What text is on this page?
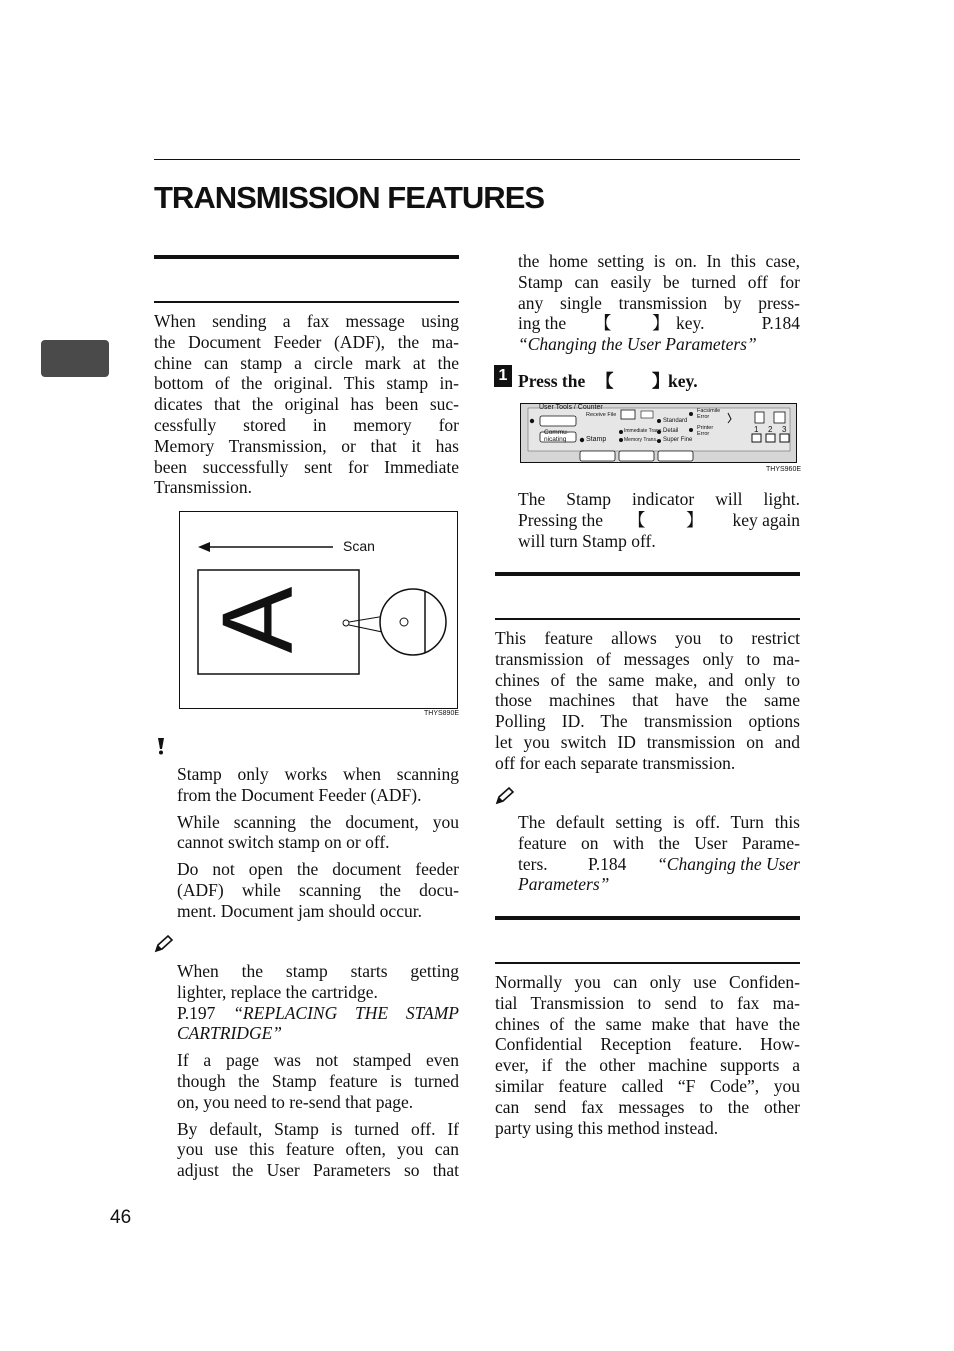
TRANSMISSION FEATURES
When sending a fax message using
the Document Feeder (ADF), the ma-
chine can stamp a circle mark at the
bottom of the original. This stamp in-
dicates that the original has been suc-
cessfully stored in memory for
Memory Transmission, or that it has
been successfully sent for Immediate
Transmission.
Scan
A
THYS890E
Stamp only works when scanning
from the Document Feeder (ADF).
While scanning the document, you
cannot switch stamp on or off.
Do not open the document feeder
(ADF) while scanning the docu-
ment. Document jam should occur.
When the stamp starts getting
lighter, replace the cartridge.
P.197 “REPLACING THE STAMP
CARTRIDGE”
If a page was not stamped even
though the Stamp feature is turned
on, you need to re-send that page.
By default, Stamp is turned off. If
you use this feature often, you can
adjust the User Parameters so that
the home setting is on. In this case,
Stamp can easily be turned off for
any single transmission by press-
ing the 【 】 key.	P.184
“Changing the User Parameters”
1 Press the 【 】
key.
User Tools / Counter
Receive File
Commu-
nicating	Stamp
Immediate Trans.
Memory Trans.
Standard
Detail
Super Fine
Facsimile
Error
Printer
Error	1 2 3
THYS960E
The Stamp indicator will light.
Pressing the 【 】 key again
will turn Stamp off.
This feature allows you to restrict
transmission of messages only to ma-
chines of the same make, and only to
those machines that have the same
Polling ID. The transmission options
let you switch ID transmission on and
off for each separate transmission.
The default setting is off. Turn this
feature on with the User Parame-
ters. P.184 “Changing the User
Parameters”
Normally you can only use Confiden-
tial Transmission to send to fax ma-
chines of the same make that have the
Confidential Reception feature. How-
ever, if the other machine supports a
similar feature called “F Code”, you
can send fax messages to the other
party using this method instead.
46
